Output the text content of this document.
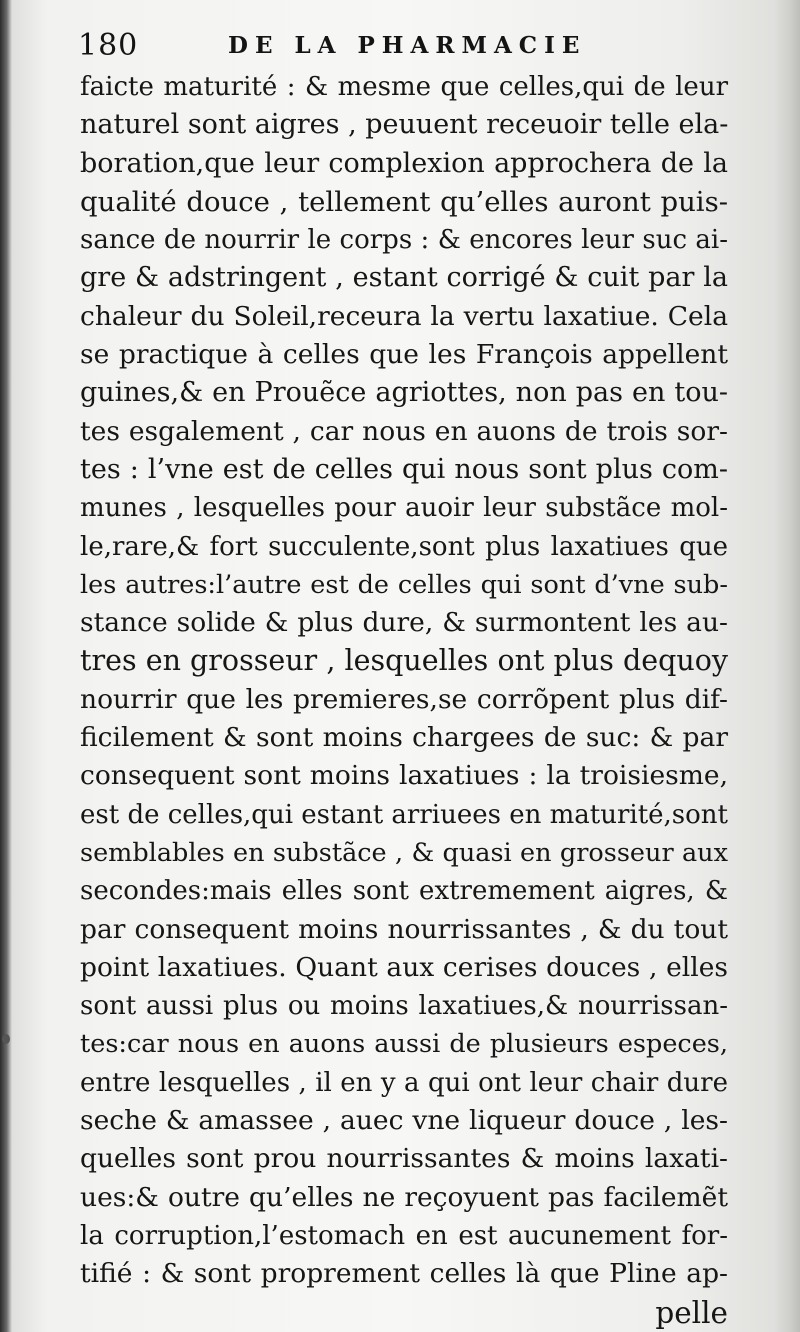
180	DE LA PHARMACIE
faicte maturité : & mesme que celles,qui de leur
naturel sont aigres , peuuent receuoir telle ela-
boration,que leur complexion approchera de la
qualité douce , tellement qu’elles auront puis-
sance de nourrir le corps : & encores leur suc ai-
gre & adstringent , estant corrigé & cuit par la
chaleur du Soleil,receura la vertu laxatiue. Cela
se practique à celles que les François appellent
guines,& en Prouẽce agriottes, non pas en tou-
tes esgalement , car nous en auons de trois sor-
tes : l’vne est de celles qui nous sont plus com-
munes , lesquelles pour auoir leur substãce mol-
le,rare,& fort succulente,sont plus laxatiues que
les autres:l’autre est de celles qui sont d’vne sub-
stance solide & plus dure, & surmontent les au-
tres en grosseur , lesquelles ont plus dequoy
nourrir que les premieres,se corrõpent plus dif-
ficilement & sont moins chargees de suc: & par
consequent sont moins laxatiues : la troisiesme,
est de celles,qui estant arriuees en maturité,sont
semblables en substãce , & quasi en grosseur aux
secondes:mais elles sont extremement aigres, &
par consequent moins nourrissantes , & du tout
point laxatiues. Quant aux cerises douces , elles
sont aussi plus ou moins laxatiues,& nourrissan-
tes:car nous en auons aussi de plusieurs especes,
entre lesquelles , il en y a qui ont leur chair dure
seche & amassee , auec vne liqueur douce , les-
quelles sont prou nourrissantes & moins laxati-
ues:& outre qu’elles ne reçoyuent pas facilemẽt
la corruption,l’estomach en est aucunement for-
tifié : & sont proprement celles là que Pline ap-
pelle
